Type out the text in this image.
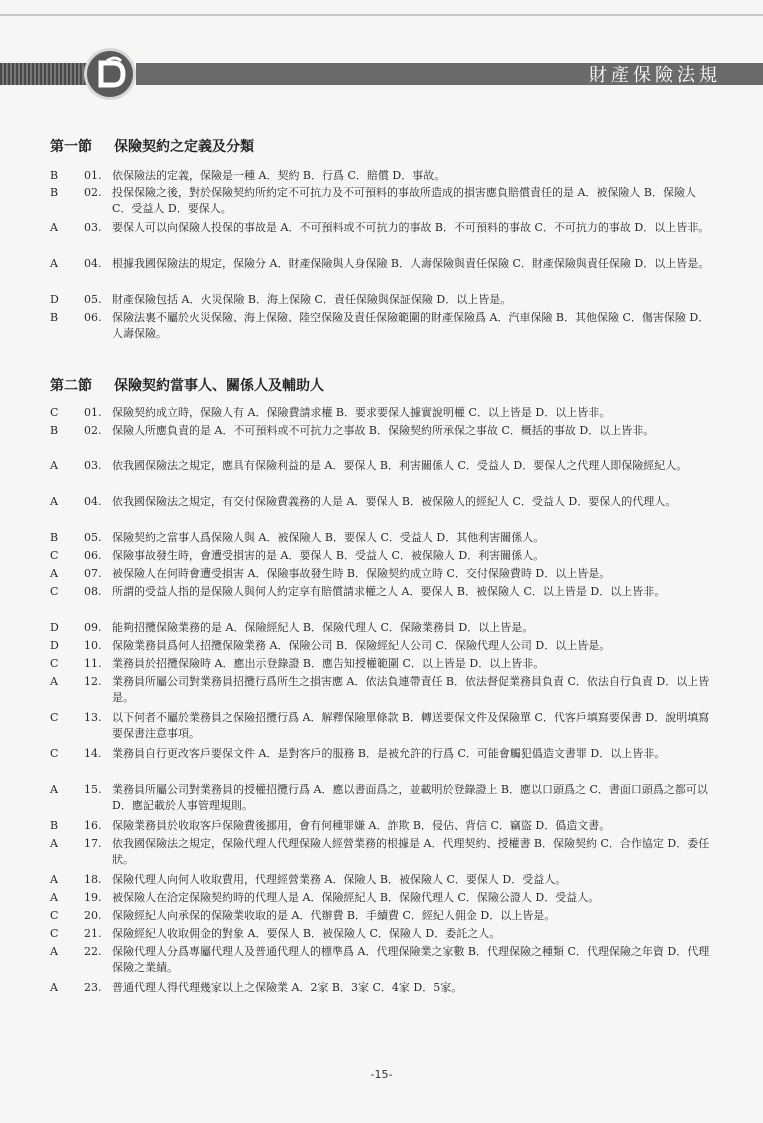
財產保險法規
第一節 保險契約之定義及分類
B	01. 依保險法的定義，保險是一種 A．契約 B．行爲 C．賠償 D．事故。
B	02. 投保保險之後，對於保險契約所約定不可抗力及不可預料的事故所造成的損害應負賠償責任的是 A．被保險人 B．保險人 C．受益人 D．要保人。
A	03. 要保人可以向保險人投保的事故是 A．不可預料或不可抗力的事故 B．不可預料的事故 C．不可抗力的事故 D．以上皆非。
A	04. 根據我國保險法的規定，保險分 A．財產保險與人身保險 B．人壽保險與責任保險 C．財產保險與責任保險 D．以上皆是。
D	05. 財產保險包括 A．火災保險 B．海上保險 C．責任保險與保証保險 D．以上皆是。
B	06. 保險法裏不屬於火災保險、海上保險、陸空保險及責任保險範圍的財產保險爲 A．汽車保險 B．其他保險 C．傷害保險 D．人壽保險。
第二節 保險契約當事人、關係人及輔助人
C	01. 保險契約成立時，保險人有 A．保險費請求權 B．要求要保人據實說明權 C．以上皆是 D．以上皆非。
B	02. 保險人所應負責的是 A．不可預料或不可抗力之事故 B．保險契約所承保之事故 C．概括的事故 D．以上皆非。
A	03. 依我國保險法之規定，應具有保險利益的是 A．要保人 B．利害關係人 C．受益人 D．要保人之代理人即保險經紀人。
A	04. 依我國保險法之規定，有交付保險費義務的人是 A．要保人 B．被保險人的經紀人 C．受益人 D．要保人的代理人。
B	05. 保險契約之當事人爲保險人與 A．被保險人 B．要保人 C．受益人 D．其他利害關係人。
C	06. 保險事故發生時，會遭受損害的是 A．要保人 B．受益人 C．被保險人 D．利害關係人。
A	07. 被保險人在何時會遭受損害 A．保險事故發生時 B．保險契約成立時 C．交付保險費時 D．以上皆是。
C	08. 所謂的受益人指的是保險人與何人約定享有賠償請求權之人 A．要保人 B．被保險人 C．以上皆是 D．以上皆非。
D	09. 能夠招攬保險業務的是 A．保險經紀人 B．保險代理人 C．保險業務員 D．以上皆是。
D	10. 保險業務員爲何人招攬保險業務 A．保險公司 B．保險經紀人公司 C．保險代理人公司 D．以上皆是。
C	11. 業務員於招攬保險時 A．應出示登錄證 B．應告知授權範圍 C．以上皆是 D．以上皆非。
A	12. 業務員所屬公司對業務員招攬行爲所生之損害應 A．依法負連帶責任 B．依法督促業務員負責 C．依法自行負責 D．以上皆是。
C	13. 以下何者不屬於業務員之保險招攬行爲 A．解釋保險單條款 B．轉送要保文件及保險單 C．代客戶填寫要保書 D．說明填寫要保書注意事項。
C	14. 業務員自行更改客戶要保文件 A．是對客戶的服務 B．是被允許的行爲 C．可能會觸犯僞造文書罪 D．以上皆非。
A	15. 業務員所屬公司對業務員的授權招攬行爲 A．應以書面爲之，並載明於登錄證上 B．應以口頭爲之 C．書面口頭爲之都可以 D．應記載於人事管理規則。
B	16. 保險業務員於收取客戶保險費後挪用，會有何種罪嫌 A．詐欺 B．侵佔、背信 C．竊盜 D．僞造文書。
A	17. 依我國保險法之規定，保險代理人代理保險人經營業務的根據是 A．代理契約、授權書 B．保險契約 C．合作協定 D．委任狀。
A	18. 保險代理人向何人收取費用，代理經營業務 A．保險人 B．被保險人 C．要保人 D．受益人。
A	19. 被保險人在洽定保險契約時的代理人是 A．保險經紀人 B．保險代理人 C．保險公證人 D．受益人。
C	20. 保險經紀人向承保的保險業收取的是 A．代辦費 B．手續費 C．經紀人佣金 D．以上皆是。
C	21. 保險經紀人收取佣金的對象 A．要保人 B．被保險人 C．保險人 D．委託之人。
A	22. 保險代理人分爲專屬代理人及普通代理人的標準爲 A．代理保險業之家數 B．代理保險之種類 C．代理保險之年資 D．代理保險之業績。
A	23. 普通代理人得代理幾家以上之保險業 A．2家 B．3家 C．4家 D．5家。
-15-
